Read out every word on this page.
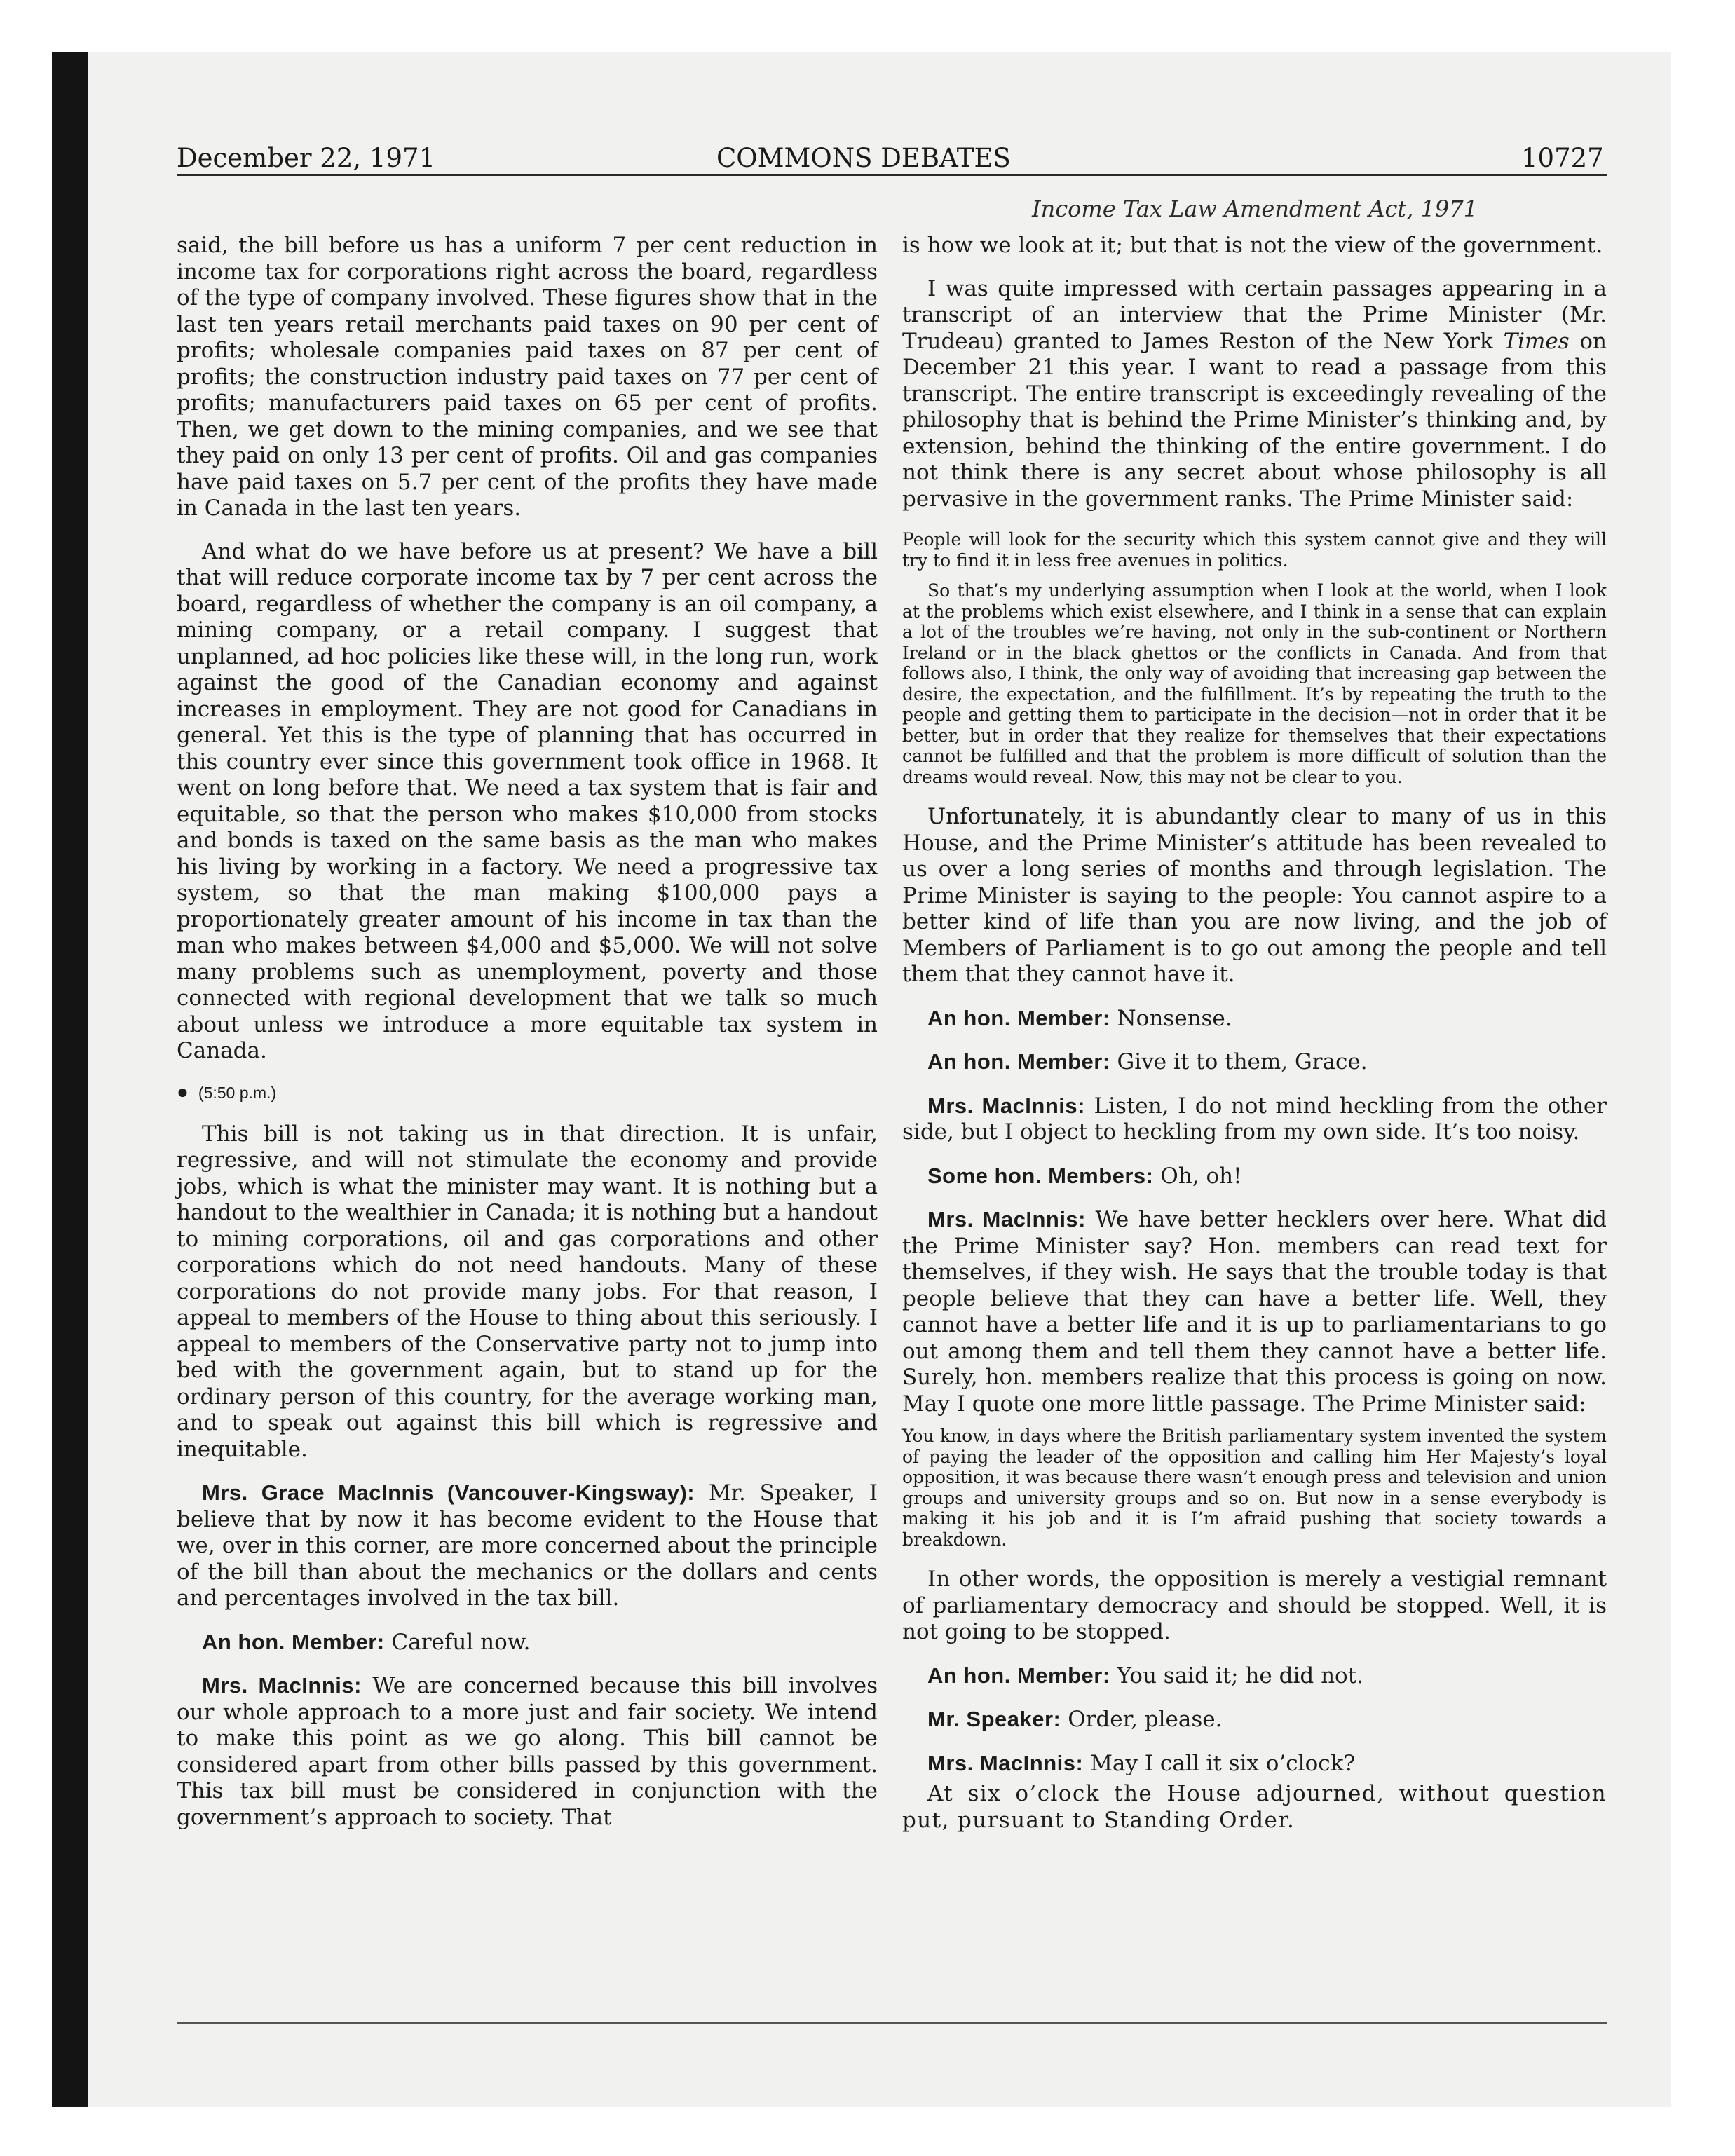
December 22, 1971	COMMONS DEBATES	10727
Income Tax Law Amendment Act, 1971

said, the bill before us has a uniform 7 per cent reduction in income tax for corporations right across the board, regardless of the type of company involved. These figures show that in the last ten years retail merchants paid taxes on 90 per cent of profits; wholesale companies paid taxes on 87 per cent of profits; the construction industry paid taxes on 77 per cent of profits; manufacturers paid taxes on 65 per cent of profits. Then, we get down to the mining companies, and we see that they paid on only 13 per cent of profits. Oil and gas companies have paid taxes on 5.7 per cent of the profits they have made in Canada in the last ten years.

And what do we have before us at present? We have a bill that will reduce corporate income tax by 7 per cent across the board, regardless of whether the company is an oil company, a mining company, or a retail company. I suggest that unplanned, ad hoc policies like these will, in the long run, work against the good of the Canadian economy and against increases in employment. They are not good for Canadians in general. Yet this is the type of planning that has occurred in this country ever since this government took office in 1968. It went on long before that. We need a tax system that is fair and equitable, so that the person who makes $10,000 from stocks and bonds is taxed on the same basis as the man who makes his living by working in a factory. We need a progressive tax system, so that the man making $100,000 pays a proportionately greater amount of his income in tax than the man who makes between $4,000 and $5,000. We will not solve many problems such as unemployment, poverty and those connected with regional development that we talk so much about unless we introduce a more equitable tax system in Canada.

● (5:50 p.m.)

This bill is not taking us in that direction. It is unfair, regressive, and will not stimulate the economy and provide jobs, which is what the minister may want. It is nothing but a handout to the wealthier in Canada; it is nothing but a handout to mining corporations, oil and gas corporations and other corporations which do not need handouts. Many of these corporations do not provide many jobs. For that reason, I appeal to members of the House to thing about this seriously. I appeal to members of the Conservative party not to jump into bed with the government again, but to stand up for the ordinary person of this country, for the average working man, and to speak out against this bill which is regressive and inequitable.

Mrs. Grace MacInnis (Vancouver-Kingsway): Mr. Speaker, I believe that by now it has become evident to the House that we, over in this corner, are more concerned about the principle of the bill than about the mechanics or the dollars and cents and percentages involved in the tax bill.

An hon. Member: Careful now.

Mrs. MacInnis: We are concerned because this bill involves our whole approach to a more just and fair society. We intend to make this point as we go along. This bill cannot be considered apart from other bills passed by this government. This tax bill must be considered in conjunction with the government’s approach to society. That

is how we look at it; but that is not the view of the government.

I was quite impressed with certain passages appearing in a transcript of an interview that the Prime Minister (Mr. Trudeau) granted to James Reston of the New York Times on December 21 this year. I want to read a passage from this transcript. The entire transcript is exceedingly revealing of the philosophy that is behind the Prime Minister’s thinking and, by extension, behind the thinking of the entire government. I do not think there is any secret about whose philosophy is all pervasive in the government ranks. The Prime Minister said:

People will look for the security which this system cannot give and they will try to find it in less free avenues in politics.

So that’s my underlying assumption when I look at the world, when I look at the problems which exist elsewhere, and I think in a sense that can explain a lot of the troubles we’re having, not only in the sub-continent or Northern Ireland or in the black ghettos or the conflicts in Canada. And from that follows also, I think, the only way of avoiding that increasing gap between the desire, the expectation, and the fulfillment. It’s by repeating the truth to the people and getting them to participate in the decision—not in order that it be better, but in order that they realize for themselves that their expectations cannot be fulfilled and that the problem is more difficult of solution than the dreams would reveal. Now, this may not be clear to you.

Unfortunately, it is abundantly clear to many of us in this House, and the Prime Minister’s attitude has been revealed to us over a long series of months and through legislation. The Prime Minister is saying to the people: You cannot aspire to a better kind of life than you are now living, and the job of Members of Parliament is to go out among the people and tell them that they cannot have it.

An hon. Member: Nonsense.

An hon. Member: Give it to them, Grace.

Mrs. MacInnis: Listen, I do not mind heckling from the other side, but I object to heckling from my own side. It’s too noisy.

Some hon. Members: Oh, oh!

Mrs. MacInnis: We have better hecklers over here. What did the Prime Minister say? Hon. members can read text for themselves, if they wish. He says that the trouble today is that people believe that they can have a better life. Well, they cannot have a better life and it is up to parliamentarians to go out among them and tell them they cannot have a better life. Surely, hon. members realize that this process is going on now. May I quote one more little passage. The Prime Minister said:

You know, in days where the British parliamentary system invented the system of paying the leader of the opposition and calling him Her Majesty’s loyal opposition, it was because there wasn’t enough press and television and union groups and university groups and so on. But now in a sense everybody is making it his job and it is I’m afraid pushing that society towards a breakdown.

In other words, the opposition is merely a vestigial remnant of parliamentary democracy and should be stopped. Well, it is not going to be stopped.

An hon. Member: You said it; he did not.

Mr. Speaker: Order, please.

Mrs. MacInnis: May I call it six o’clock?

At six o’clock the House adjourned, without question put, pursuant to Standing Order.
